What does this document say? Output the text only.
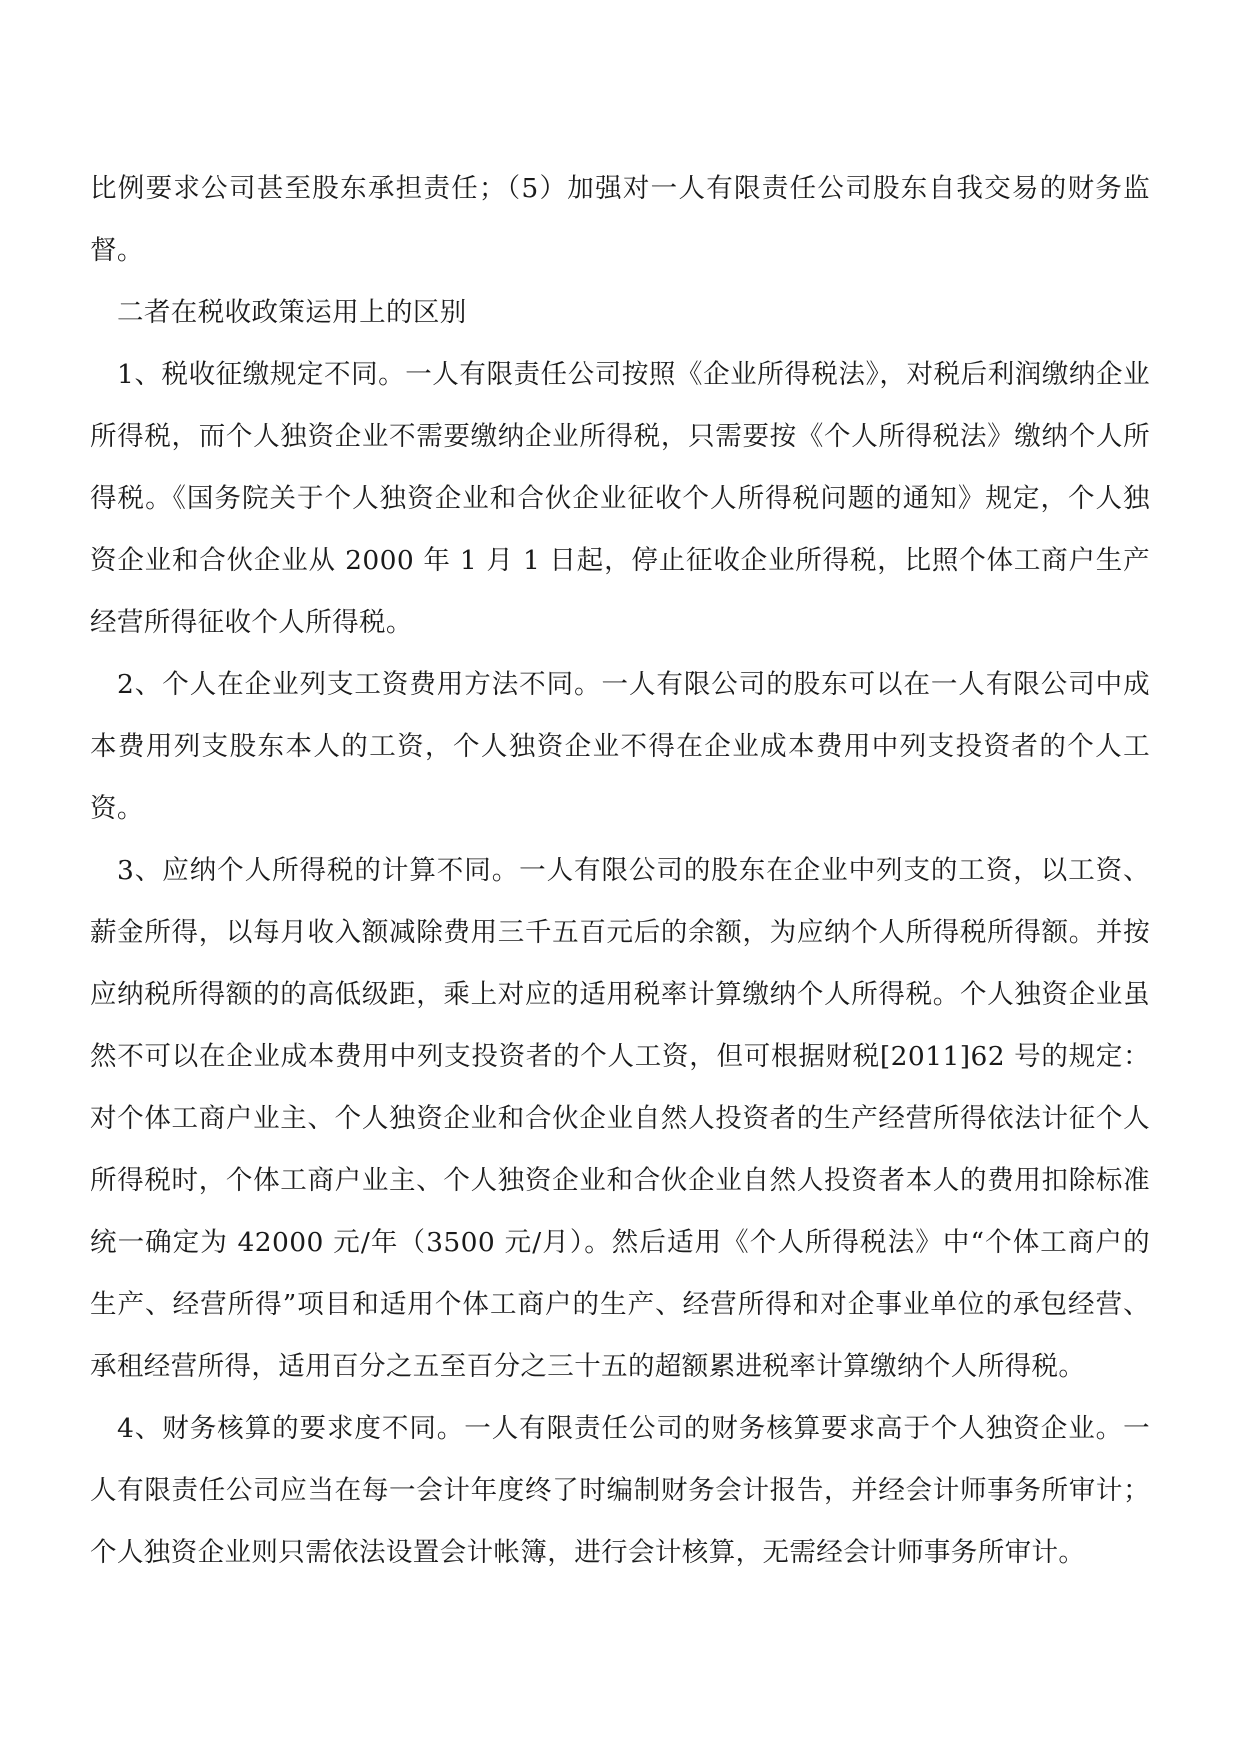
比例要求公司甚至股东承担责任；（5）加强对一人有限责任公司股东自我交易的财务监督。

二者在税收政策运用上的区别

1、税收征缴规定不同。一人有限责任公司按照《企业所得税法》，对税后利润缴纳企业所得税，而个人独资企业不需要缴纳企业所得税，只需要按《个人所得税法》缴纳个人所得税。《国务院关于个人独资企业和合伙企业征收个人所得税问题的通知》规定，个人独资企业和合伙企业从 2000 年 1 月 1 日起，停止征收企业所得税，比照个体工商户生产经营所得征收个人所得税。

2、个人在企业列支工资费用方法不同。一人有限公司的股东可以在一人有限公司中成本费用列支股东本人的工资，个人独资企业不得在企业成本费用中列支投资者的个人工资。

3、应纳个人所得税的计算不同。一人有限公司的股东在企业中列支的工资，以工资、薪金所得，以每月收入额减除费用三千五百元后的余额，为应纳个人所得税所得额。并按应纳税所得额的的高低级距，乘上对应的适用税率计算缴纳个人所得税。个人独资企业虽然不可以在企业成本费用中列支投资者的个人工资，但可根据财税[2011]62 号的规定：对个体工商户业主、个人独资企业和合伙企业自然人投资者的生产经营所得依法计征个人所得税时，个体工商户业主、个人独资企业和合伙企业自然人投资者本人的费用扣除标准统一确定为 42000 元/年（3500 元/月）。然后适用《个人所得税法》中“个体工商户的生产、经营所得”项目和适用个体工商户的生产、经营所得和对企事业单位的承包经营、承租经营所得，适用百分之五至百分之三十五的超额累进税率计算缴纳个人所得税。

4、财务核算的要求度不同。一人有限责任公司的财务核算要求高于个人独资企业。一人有限责任公司应当在每一会计年度终了时编制财务会计报告，并经会计师事务所审计；个人独资企业则只需依法设置会计帐簿，进行会计核算，无需经会计师事务所审计。
